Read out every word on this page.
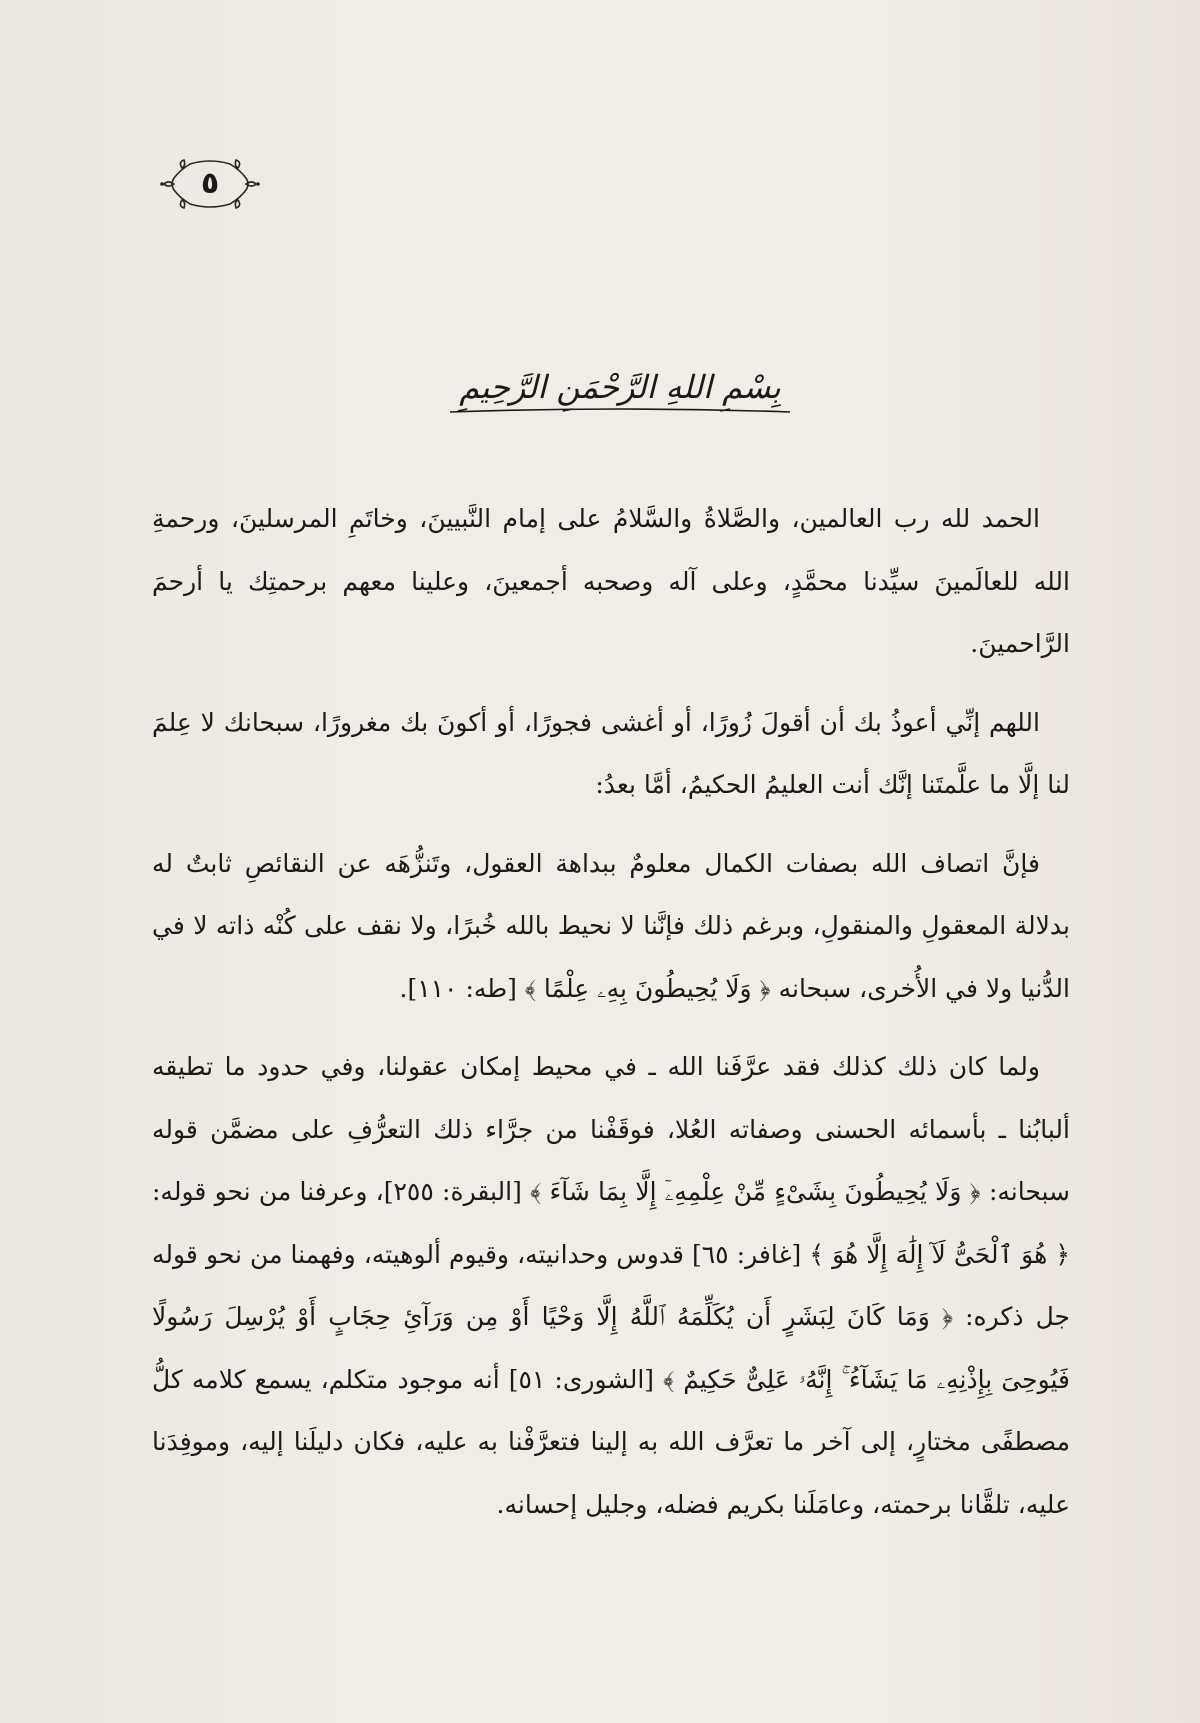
٥
بِسْمِ اللهِ الرَّحْمَنِ الرَّحِيمِ

الحمد لله رب العالمين، والصَّلاةُ والسَّلامُ على إمام النَّبيينَ، وخاتَمِ المرسلينَ، ورحمةِ الله للعالَمينَ سيِّدنا محمَّدٍ، وعلى آله وصحبه أجمعينَ، وعلينا معهم برحمتِك يا أرحمَ الرَّاحمينَ.

اللهم إنِّي أعوذُ بك أن أقولَ زُورًا، أو أغشى فجورًا، أو أكونَ بك مغرورًا، سبحانك لا عِلمَ لنا إلَّا ما علَّمتَنا إنَّك أنت العليمُ الحكيمُ، أمَّا بعدُ:

فإنَّ اتصاف الله بصفات الكمال معلومٌ ببداهة العقول، وتَنزُّهَه عن النقائصِ ثابتٌ له بدلالة المعقولِ والمنقولِ، وبرغم ذلك فإنَّنا لا نحيط بالله خُبرًا، ولا نقف على كُنْه ذاته لا في الدُّنيا ولا في الأُخرى، سبحانه ﴿ وَلَا يُحِيطُونَ بِهِۦ عِلْمًا ﴾ [طه: ١١٠].

ولما كان ذلك كذلك فقد عرَّفَنا الله ـ في محيط إمكان عقولنا، وفي حدود ما تطيقه ألبابُنا ـ بأسمائه الحسنى وصفاته العُلا، فوقَفْنا من جرَّاء ذلك التعرُّفِ على مضمَّن قوله سبحانه: ﴿ وَلَا يُحِيطُونَ بِشَىْءٍ مِّنْ عِلْمِهِۦٓ إِلَّا بِمَا شَآءَ ﴾ [البقرة: ٢٥٥]، وعرفنا من نحو قوله: ﴿ هُوَ ٱلْحَىُّ لَآ إِلَٰهَ إِلَّا هُوَ ﴾ [غافر: ٦٥] قدوس وحدانيته، وقيوم ألوهيته، وفهمنا من نحو قوله جل ذكره: ﴿ وَمَا كَانَ لِبَشَرٍ أَن يُكَلِّمَهُ ٱللَّهُ إِلَّا وَحْيًا أَوْ مِن وَرَآئِ حِجَابٍ أَوْ يُرْسِلَ رَسُولًا فَيُوحِىَ بِإِذْنِهِۦ مَا يَشَآءُ ۚ إِنَّهُۥ عَلِىٌّ حَكِيمٌ ﴾ [الشورى: ٥١] أنه موجود متكلم، يسمع كلامه كلُّ مصطفًى مختارٍ، إلى آخر ما تعرَّف الله به إلينا فتعرَّفْنا به عليه، فكان دليلَنا إليه، وموفِدَنا عليه، تلقَّانا برحمته، وعامَلَنا بكريم فضله، وجليل إحسانه.
